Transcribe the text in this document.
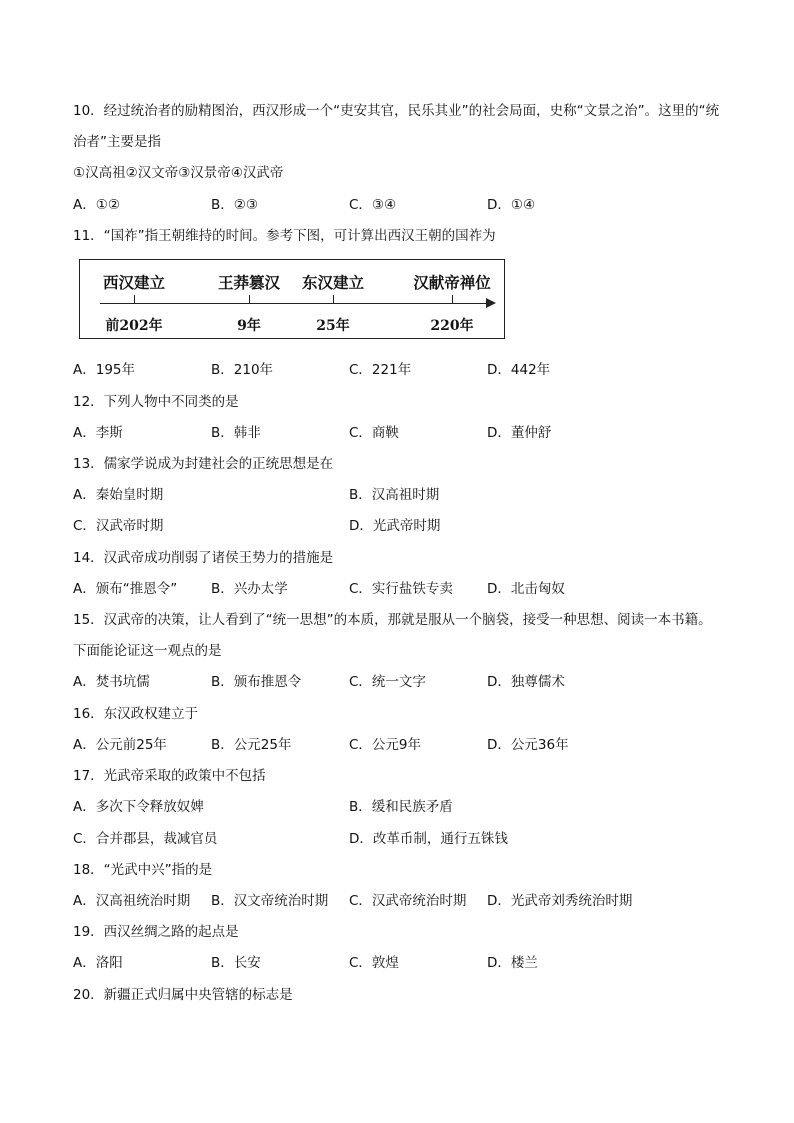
10．经过统治者的励精图治，西汉形成一个“吏安其官，民乐其业”的社会局面，史称“文景之治”。这里的“统
治者”主要是指
①汉高祖②汉文帝③汉景帝④汉武帝
A．①②	B．②③	C．③④	D．①④
11．“国祚”指王朝维持的时间。参考下图，可计算出西汉王朝的国祚为
西汉建立	王莽篡汉 东汉建立	汉献帝禅位
前202年	9年	25年	220年
A．195年	B．210年	C．221年	D．442年
12．下列人物中不同类的是
A．李斯	B．韩非	C．商鞅	D．董仲舒
13．儒家学说成为封建社会的正统思想是在
A．秦始皇时期	B．汉高祖时期
C．汉武帝时期	D．光武帝时期
14．汉武帝成功削弱了诸侯王势力的措施是
A．颁布“推恩令”	B．兴办太学	C．实行盐铁专卖	D．北击匈奴
15．汉武帝的决策，让人看到了“统一思想”的本质，那就是服从一个脑袋，接受一种思想、阅读一本书籍。
下面能论证这一观点的是
A．焚书坑儒	B．颁布推恩令	C．统一文字	D．独尊儒术
16．东汉政权建立于
A．公元前25年	B．公元25年	C．公元9年	D．公元36年
17．光武帝采取的政策中不包括
A．多次下令释放奴婢	B．缓和民族矛盾
C．合并郡县，裁减官员	D．改革币制，通行五铢钱
18．“光武中兴”指的是
A．汉高祖统治时期 B．汉文帝统治时期 C．汉武帝统治时期 D．光武帝刘秀统治时期
19．西汉丝绸之路的起点是
A．洛阳	B．长安	C．敦煌	D．楼兰
20．新疆正式归属中央管辖的标志是
